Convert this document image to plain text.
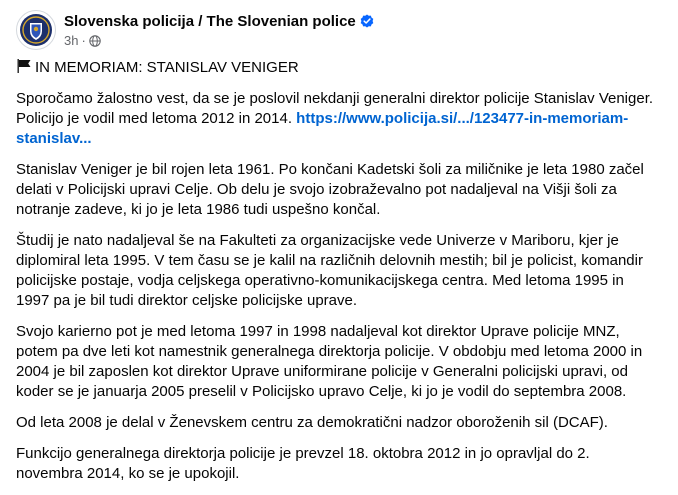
Slovenska policija / The Slovenian police
3h ·

IN MEMORIAM: STANISLAV VENIGER

Sporočamo žalostno vest, da se je poslovil nekdanji generalni direktor policije Stanislav Veniger. Policijo je vodil med letoma 2012 in 2014. https://www.policija.si/.../123477-in-memoriam-stanislav...

Stanislav Veniger je bil rojen leta 1961. Po končani Kadetski šoli za miličnike je leta 1980 začel delati v Policijski upravi Celje. Ob delu je svojo izobraževalno pot nadaljeval na Višji šoli za notranje zadeve, ki jo je leta 1986 tudi uspešno končal.

Študij je nato nadaljeval še na Fakulteti za organizacijske vede Univerze v Mariboru, kjer je diplomiral leta 1995. V tem času se je kalil na različnih delovnih mestih; bil je policist, komandir policijske postaje, vodja celjskega operativno-komunikacijskega centra. Med letoma 1995 in 1997 pa je bil tudi direktor celjske policijske uprave.

Svojo karierno pot je med letoma 1997 in 1998 nadaljeval kot direktor Uprave policije MNZ, potem pa dve leti kot namestnik generalnega direktorja policije. V obdobju med letoma 2000 in 2004 je bil zaposlen kot direktor Uprave uniformirane policije v Generalni policijski upravi, od koder se je januarja 2005 preselil v Policijsko upravo Celje, ki jo je vodil do septembra 2008.

Od leta 2008 je delal v Ženevskem centru za demokratični nadzor oboroženih sil (DCAF).

Funkcijo generalnega direktorja policije je prevzel 18. oktobra 2012 in jo opravljal do 2. novembra 2014, ko se je upokojil.
